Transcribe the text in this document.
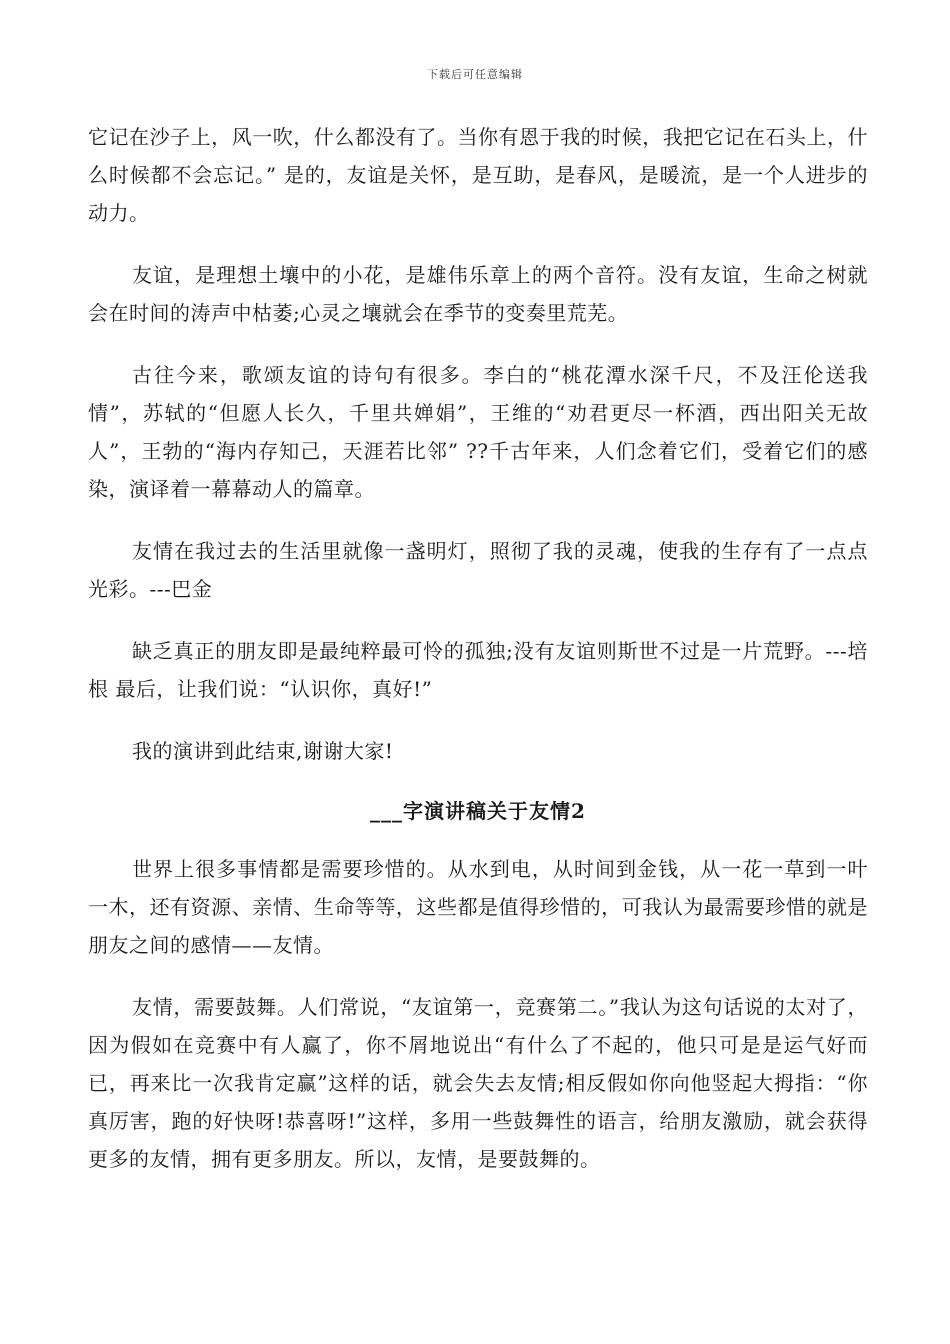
下载后可任意编辑

它记在沙子上，风一吹，什么都没有了。当你有恩于我的时候，我把它记在石头上，什么时候都不会忘记。” 是的，友谊是关怀，是互助，是春风，是暖流，是一个人进步的动力。

友谊，是理想土壤中的小花，是雄伟乐章上的两个音符。没有友谊，生命之树就会在时间的涛声中枯萎;心灵之壤就会在季节的变奏里荒芜。

古往今来，歌颂友谊的诗句有很多。李白的“桃花潭水深千尺，不及汪伦送我情”，苏轼的“但愿人长久，千里共婵娟”，王维的“劝君更尽一杯酒，西出阳关无故人”，王勃的“海内存知己，天涯若比邻” ??千古年来，人们念着它们，受着它们的感染，演译着一幕幕动人的篇章。

友情在我过去的生活里就像一盏明灯，照彻了我的灵魂，使我的生存有了一点点光彩。---巴金

缺乏真正的朋友即是最纯粹最可怜的孤独;没有友谊则斯世不过是一片荒野。---培根 最后，让我们说：“认识你，真好!”

我的演讲到此结束,谢谢大家!

___字演讲稿关于友情2

世界上很多事情都是需要珍惜的。从水到电，从时间到金钱，从一花一草到一叶一木，还有资源、亲情、生命等等，这些都是值得珍惜的，可我认为最需要珍惜的就是朋友之间的感情——友情。

友情，需要鼓舞。人们常说，“友谊第一，竞赛第二。”我认为这句话说的太对了，因为假如在竞赛中有人赢了，你不屑地说出“有什么了不起的，他只可是是运气好而已，再来比一次我肯定赢”这样的话，就会失去友情;相反假如你向他竖起大拇指：“你真厉害，跑的好快呀!恭喜呀!”这样，多用一些鼓舞性的语言，给朋友激励，就会获得更多的友情，拥有更多朋友。所以，友情，是要鼓舞的。
